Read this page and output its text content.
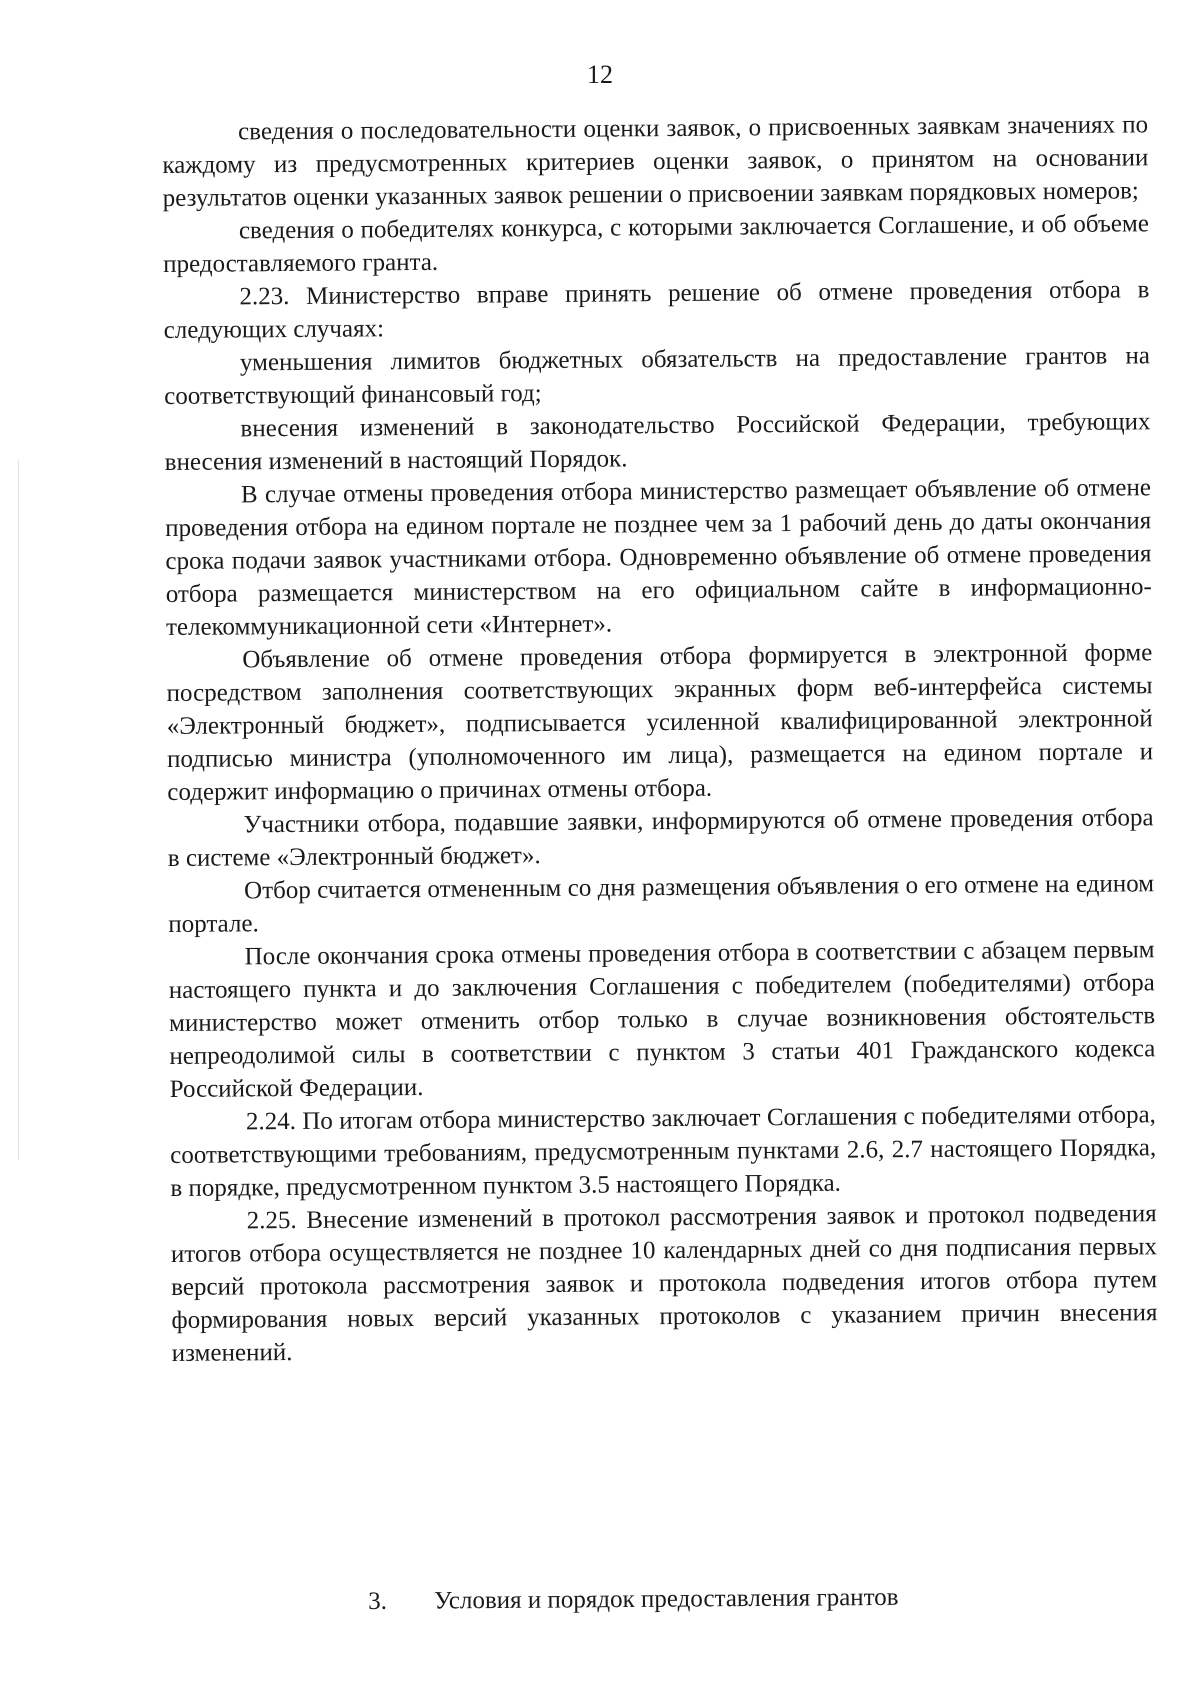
12

сведения о последовательности оценки заявок, о присвоенных заявкам значениях по каждому из предусмотренных критериев оценки заявок, о принятом на основании результатов оценки указанных заявок решении о присвоении заявкам порядковых номеров;

сведения о победителях конкурса, с которыми заключается Соглашение, и об объеме предоставляемого гранта.

2.23. Министерство вправе принять решение об отмене проведения отбора в следующих случаях:

уменьшения лимитов бюджетных обязательств на предоставление грантов на соответствующий финансовый год;

внесения изменений в законодательство Российской Федерации, требующих внесения изменений в настоящий Порядок.

В случае отмены проведения отбора министерство размещает объявление об отмене проведения отбора на едином портале не позднее чем за 1 рабочий день до даты окончания срока подачи заявок участниками отбора. Одновременно объявление об отмене проведения отбора размещается министерством на его официальном сайте в информационно-телекоммуникационной сети «Интернет».

Объявление об отмене проведения отбора формируется в электронной форме посредством заполнения соответствующих экранных форм веб-интерфейса системы «Электронный бюджет», подписывается усиленной квалифицированной электронной подписью министра (уполномоченного им лица), размещается на едином портале и содержит информацию о причинах отмены отбора.

Участники отбора, подавшие заявки, информируются об отмене проведения отбора в системе «Электронный бюджет».

Отбор считается отмененным со дня размещения объявления о его отмене на едином портале.

После окончания срока отмены проведения отбора в соответствии с абзацем первым настоящего пункта и до заключения Соглашения с победителем (победителями) отбора министерство может отменить отбор только в случае возникновения обстоятельств непреодолимой силы в соответствии с пунктом 3 статьи 401 Гражданского кодекса Российской Федерации.

2.24. По итогам отбора министерство заключает Соглашения с победителями отбора, соответствующими требованиям, предусмотренным пунктами 2.6, 2.7 настоящего Порядка, в порядке, предусмотренном пунктом 3.5 настоящего Порядка.

2.25. Внесение изменений в протокол рассмотрения заявок и протокол подведения итогов отбора осуществляется не позднее 10 календарных дней со дня подписания первых версий протокола рассмотрения заявок и протокола подведения итогов отбора путем формирования новых версий указанных протоколов с указанием причин внесения изменений.

3. Условия и порядок предоставления грантов
